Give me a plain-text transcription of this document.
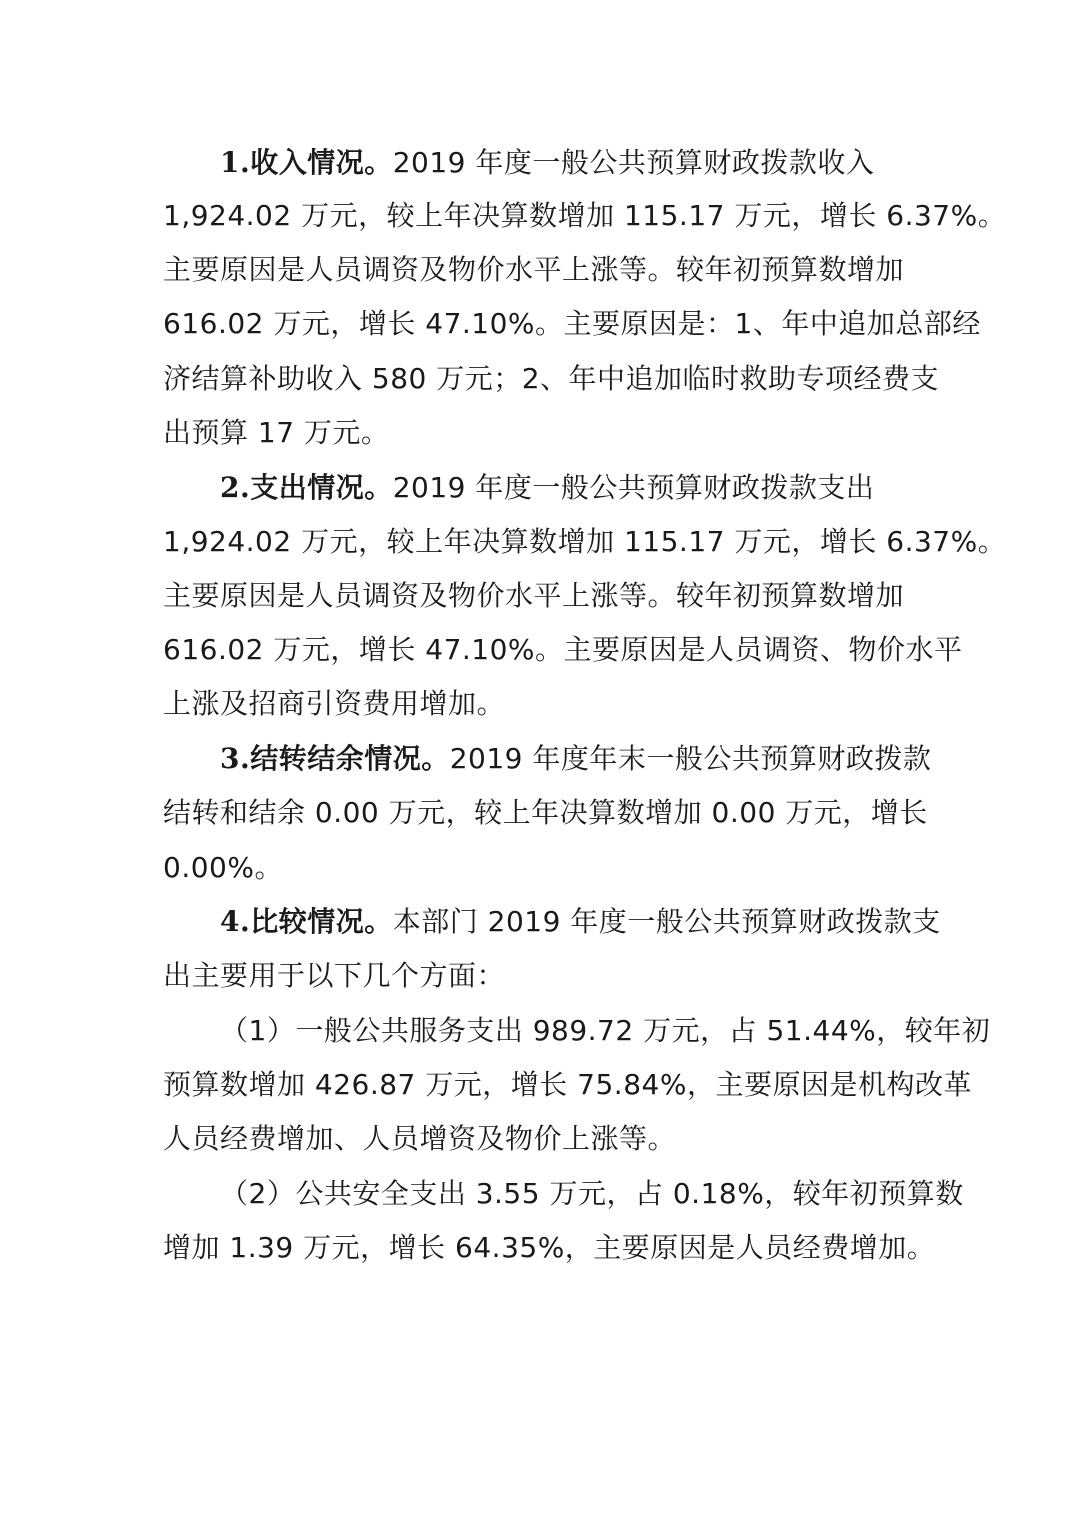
1.收入情况。2019 年度一般公共预算财政拨款收入
1,924.02 万元，较上年决算数增加 115.17 万元，增长 6.37%。
主要原因是人员调资及物价水平上涨等。较年初预算数增加
616.02 万元，增长 47.10%。主要原因是：1、年中追加总部经
济结算补助收入 580 万元；2、年中追加临时救助专项经费支
出预算 17 万元。
2.支出情况。2019 年度一般公共预算财政拨款支出
1,924.02 万元，较上年决算数增加 115.17 万元，增长 6.37%。
主要原因是人员调资及物价水平上涨等。较年初预算数增加
616.02 万元，增长 47.10%。主要原因是人员调资、物价水平
上涨及招商引资费用增加。
3.结转结余情况。2019 年度年末一般公共预算财政拨款
结转和结余 0.00 万元，较上年决算数增加 0.00 万元，增长
0.00%。
4.比较情况。本部门 2019 年度一般公共预算财政拨款支
出主要用于以下几个方面：
（1）一般公共服务支出 989.72 万元，占 51.44%，较年初
预算数增加 426.87 万元，增长 75.84%，主要原因是机构改革
人员经费增加、人员增资及物价上涨等。
（2）公共安全支出 3.55 万元，占 0.18%，较年初预算数
增加 1.39 万元，增长 64.35%，主要原因是人员经费增加。
